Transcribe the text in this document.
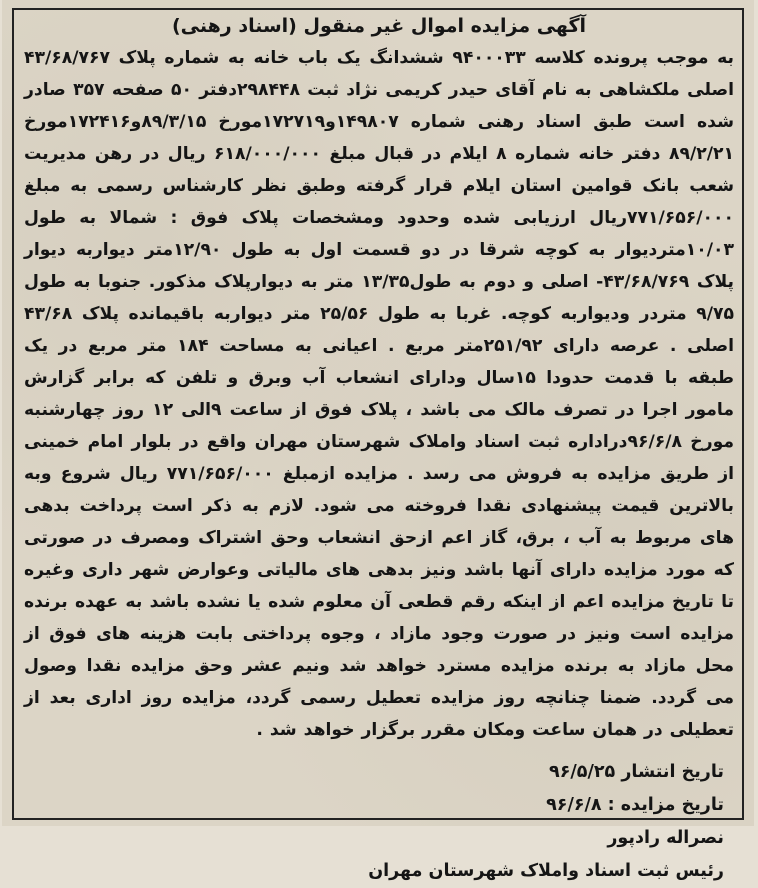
آگهی مزایده اموال غیر منقول (اسناد رهنی)

به موجب پرونده کلاسه ۹۴۰۰۰۳۳ ششدانگ یک باب خانه به شماره پلاک ۴۳/۶۸/۷۶۷ اصلی ملکشاهی به نام آقای حیدر کریمی نژاد ثبت ۲۹۸۴۴۸دفتر ۵۰ صفحه ۳۵۷ صادر شده است طبق اسناد رهنی شماره ۱۴۹۸۰۷و۱۷۲۷۱۹مورخ ۸۹/۳/۱۵و۱۷۲۴۱۶مورخ ۸۹/۲/۲۱ دفتر خانه شماره ۸ ایلام در قبال مبلغ ۶۱۸/۰۰۰/۰۰۰ ریال در رهن مدیریت شعب بانک قوامین استان ایلام قرار گرفته وطبق نظر کارشناس رسمی به مبلغ ۷۷۱/۶۵۶/۰۰۰ریال ارزیابی شده وحدود ومشخصات پلاک فوق : شمالا به طول ۱۰/۰۳متردیوار به کوچه شرقا در دو قسمت اول به طول ۱۲/۹۰متر دیواربه دیوار پلاک ۴۳/۶۸/۷۶۹- اصلی و دوم به طول۱۳/۳۵ متر به دیوارپلاک مذکور. جنوبا به طول ۹/۷۵ متردر ودیواربه کوچه. غربا به طول ۲۵/۵۶ متر دیواربه باقیمانده پلاک ۴۳/۶۸ اصلی . عرصه دارای ۲۵۱/۹۲متر مربع . اعیانی به مساحت ۱۸۴ متر مربع در یک طبقه با قدمت حدودا ۱۵سال ودارای انشعاب آب وبرق و تلفن که برابر گزارش مامور اجرا در تصرف مالک می باشد ، پلاک فوق از ساعت ۹الی ۱۲ روز چهارشنبه مورخ ۹۶/۶/۸دراداره ثبت اسناد واملاک شهرستان مهران واقع در بلوار امام خمینی از طریق مزایده به فروش می رسد . مزایده ازمبلغ ۷۷۱/۶۵۶/۰۰۰ ریال شروع وبه بالاترین قیمت پیشنهادی نقدا فروخته می شود. لازم به ذکر است پرداخت بدهی های مربوط به آب ، برق، گاز اعم ازحق انشعاب وحق اشتراک ومصرف در صورتی که مورد مزایده دارای آنها باشد ونیز بدهی های مالیاتی وعوارض شهر داری وغیره تا تاریخ مزایده اعم از اینکه رقم قطعی آن معلوم شده یا نشده باشد به عهده برنده مزایده است ونیز در صورت وجود مازاد ، وجوه پرداختی بابت هزینه های فوق از محل مازاد به برنده مزایده مسترد خواهد شد ونیم عشر وحق مزایده نقدا وصول می گردد. ضمنا چنانچه روز مزایده تعطیل رسمی گردد، مزایده روز اداری بعد از تعطیلی در همان ساعت ومکان مقرر برگزار خواهد شد .

تاریخ انتشار ۹۶/۵/۲۵
تاریخ مزایده : ۹۶/۶/۸
نصراله رادپور
رئیس ثبت اسناد واملاک شهرستان مهران
